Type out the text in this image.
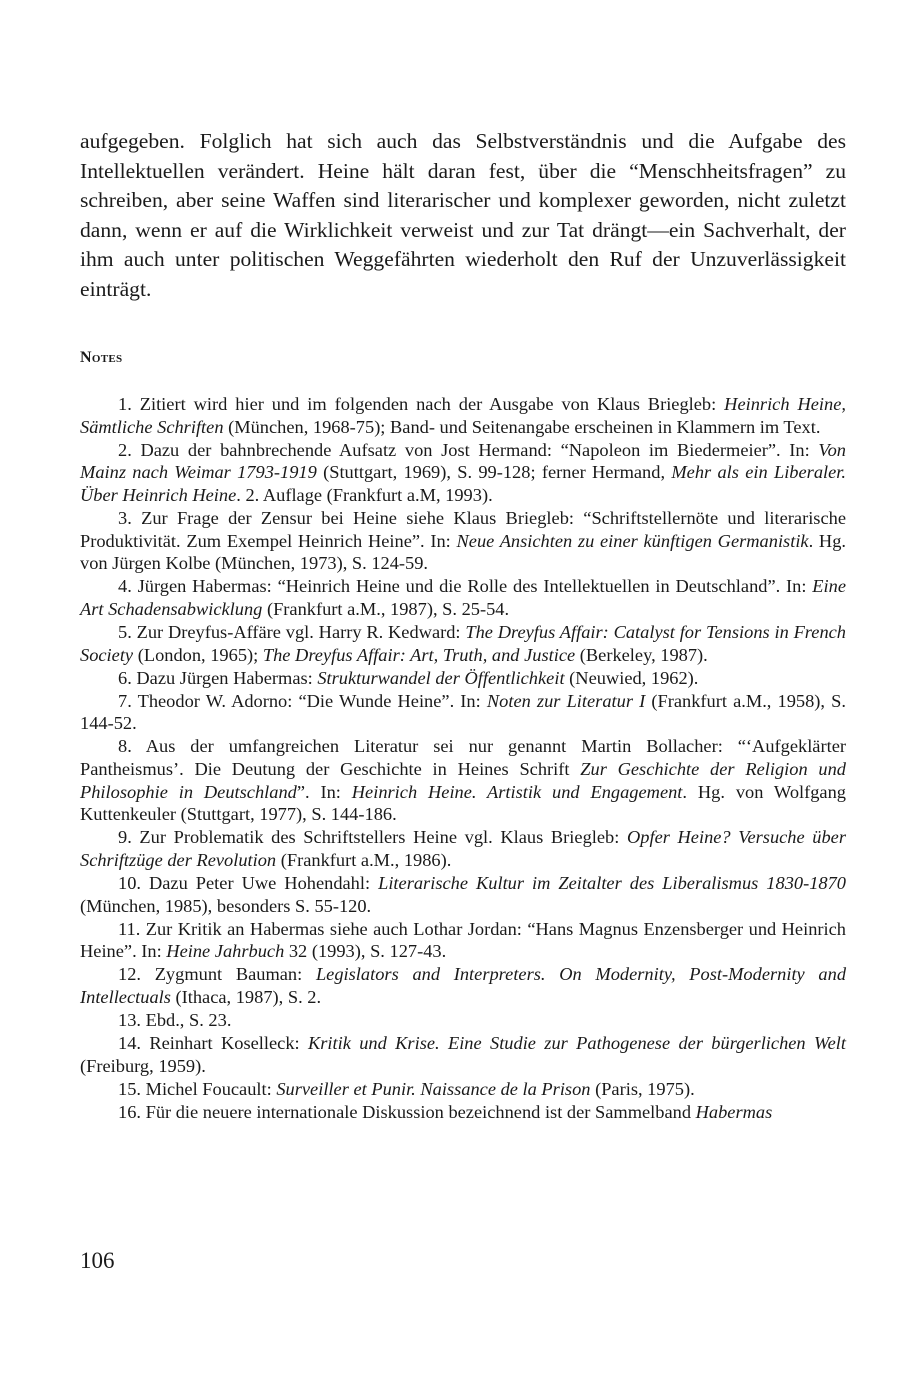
aufgegeben. Folglich hat sich auch das Selbstverständnis und die Aufgabe des Intellektuellen verändert. Heine hält daran fest, über die “Menschheitsfragen” zu schreiben, aber seine Waffen sind literarischer und komplexer geworden, nicht zuletzt dann, wenn er auf die Wirklichkeit verweist und zur Tat drängt—ein Sachverhalt, der ihm auch unter politischen Weggefährten wiederholt den Ruf der Unzuverlässigkeit einträgt.

Notes
1. Zitiert wird hier und im folgenden nach der Ausgabe von Klaus Briegleb: Heinrich Heine, Sämtliche Schriften (München, 1968-75); Band- und Seitenangabe erscheinen in Klammern im Text.
2. Dazu der bahnbrechende Aufsatz von Jost Hermand: “Napoleon im Biedermeier”. In: Von Mainz nach Weimar 1793-1919 (Stuttgart, 1969), S. 99-128; ferner Hermand, Mehr als ein Liberaler. Über Heinrich Heine. 2. Auflage (Frankfurt a.M, 1993).
3. Zur Frage der Zensur bei Heine siehe Klaus Briegleb: “Schriftstellernöte und literarische Produktivität. Zum Exempel Heinrich Heine”. In: Neue Ansichten zu einer künftigen Germanistik. Hg. von Jürgen Kolbe (München, 1973), S. 124-59.
4. Jürgen Habermas: “Heinrich Heine und die Rolle des Intellektuellen in Deutschland”. In: Eine Art Schadensabwicklung (Frankfurt a.M., 1987), S. 25-54.
5. Zur Dreyfus-Affäre vgl. Harry R. Kedward: The Dreyfus Affair: Catalyst for Tensions in French Society (London, 1965); The Dreyfus Affair: Art, Truth, and Justice (Berkeley, 1987).
6. Dazu Jürgen Habermas: Strukturwandel der Öffentlichkeit (Neuwied, 1962).
7. Theodor W. Adorno: “Die Wunde Heine”. In: Noten zur Literatur I (Frankfurt a.M., 1958), S. 144-52.
8. Aus der umfangreichen Literatur sei nur genannt Martin Bollacher: “‘Aufgeklärter Pantheismus’. Die Deutung der Geschichte in Heines Schrift Zur Geschichte der Religion und Philosophie in Deutschland”. In: Heinrich Heine. Artistik und Engagement. Hg. von Wolfgang Kuttenkeuler (Stuttgart, 1977), S. 144-186.
9. Zur Problematik des Schriftstellers Heine vgl. Klaus Briegleb: Opfer Heine? Versuche über Schriftzüge der Revolution (Frankfurt a.M., 1986).
10. Dazu Peter Uwe Hohendahl: Literarische Kultur im Zeitalter des Liberalismus 1830-1870 (München, 1985), besonders S. 55-120.
11. Zur Kritik an Habermas siehe auch Lothar Jordan: “Hans Magnus Enzensberger und Heinrich Heine”. In: Heine Jahrbuch 32 (1993), S. 127-43.
12. Zygmunt Bauman: Legislators and Interpreters. On Modernity, Post-Modernity and Intellectuals (Ithaca, 1987), S. 2.
13. Ebd., S. 23.
14. Reinhart Koselleck: Kritik und Krise. Eine Studie zur Pathogenese der bürgerlichen Welt (Freiburg, 1959).
15. Michel Foucault: Surveiller et Punir. Naissance de la Prison (Paris, 1975).
16. Für die neuere internationale Diskussion bezeichnend ist der Sammelband Habermas

106
